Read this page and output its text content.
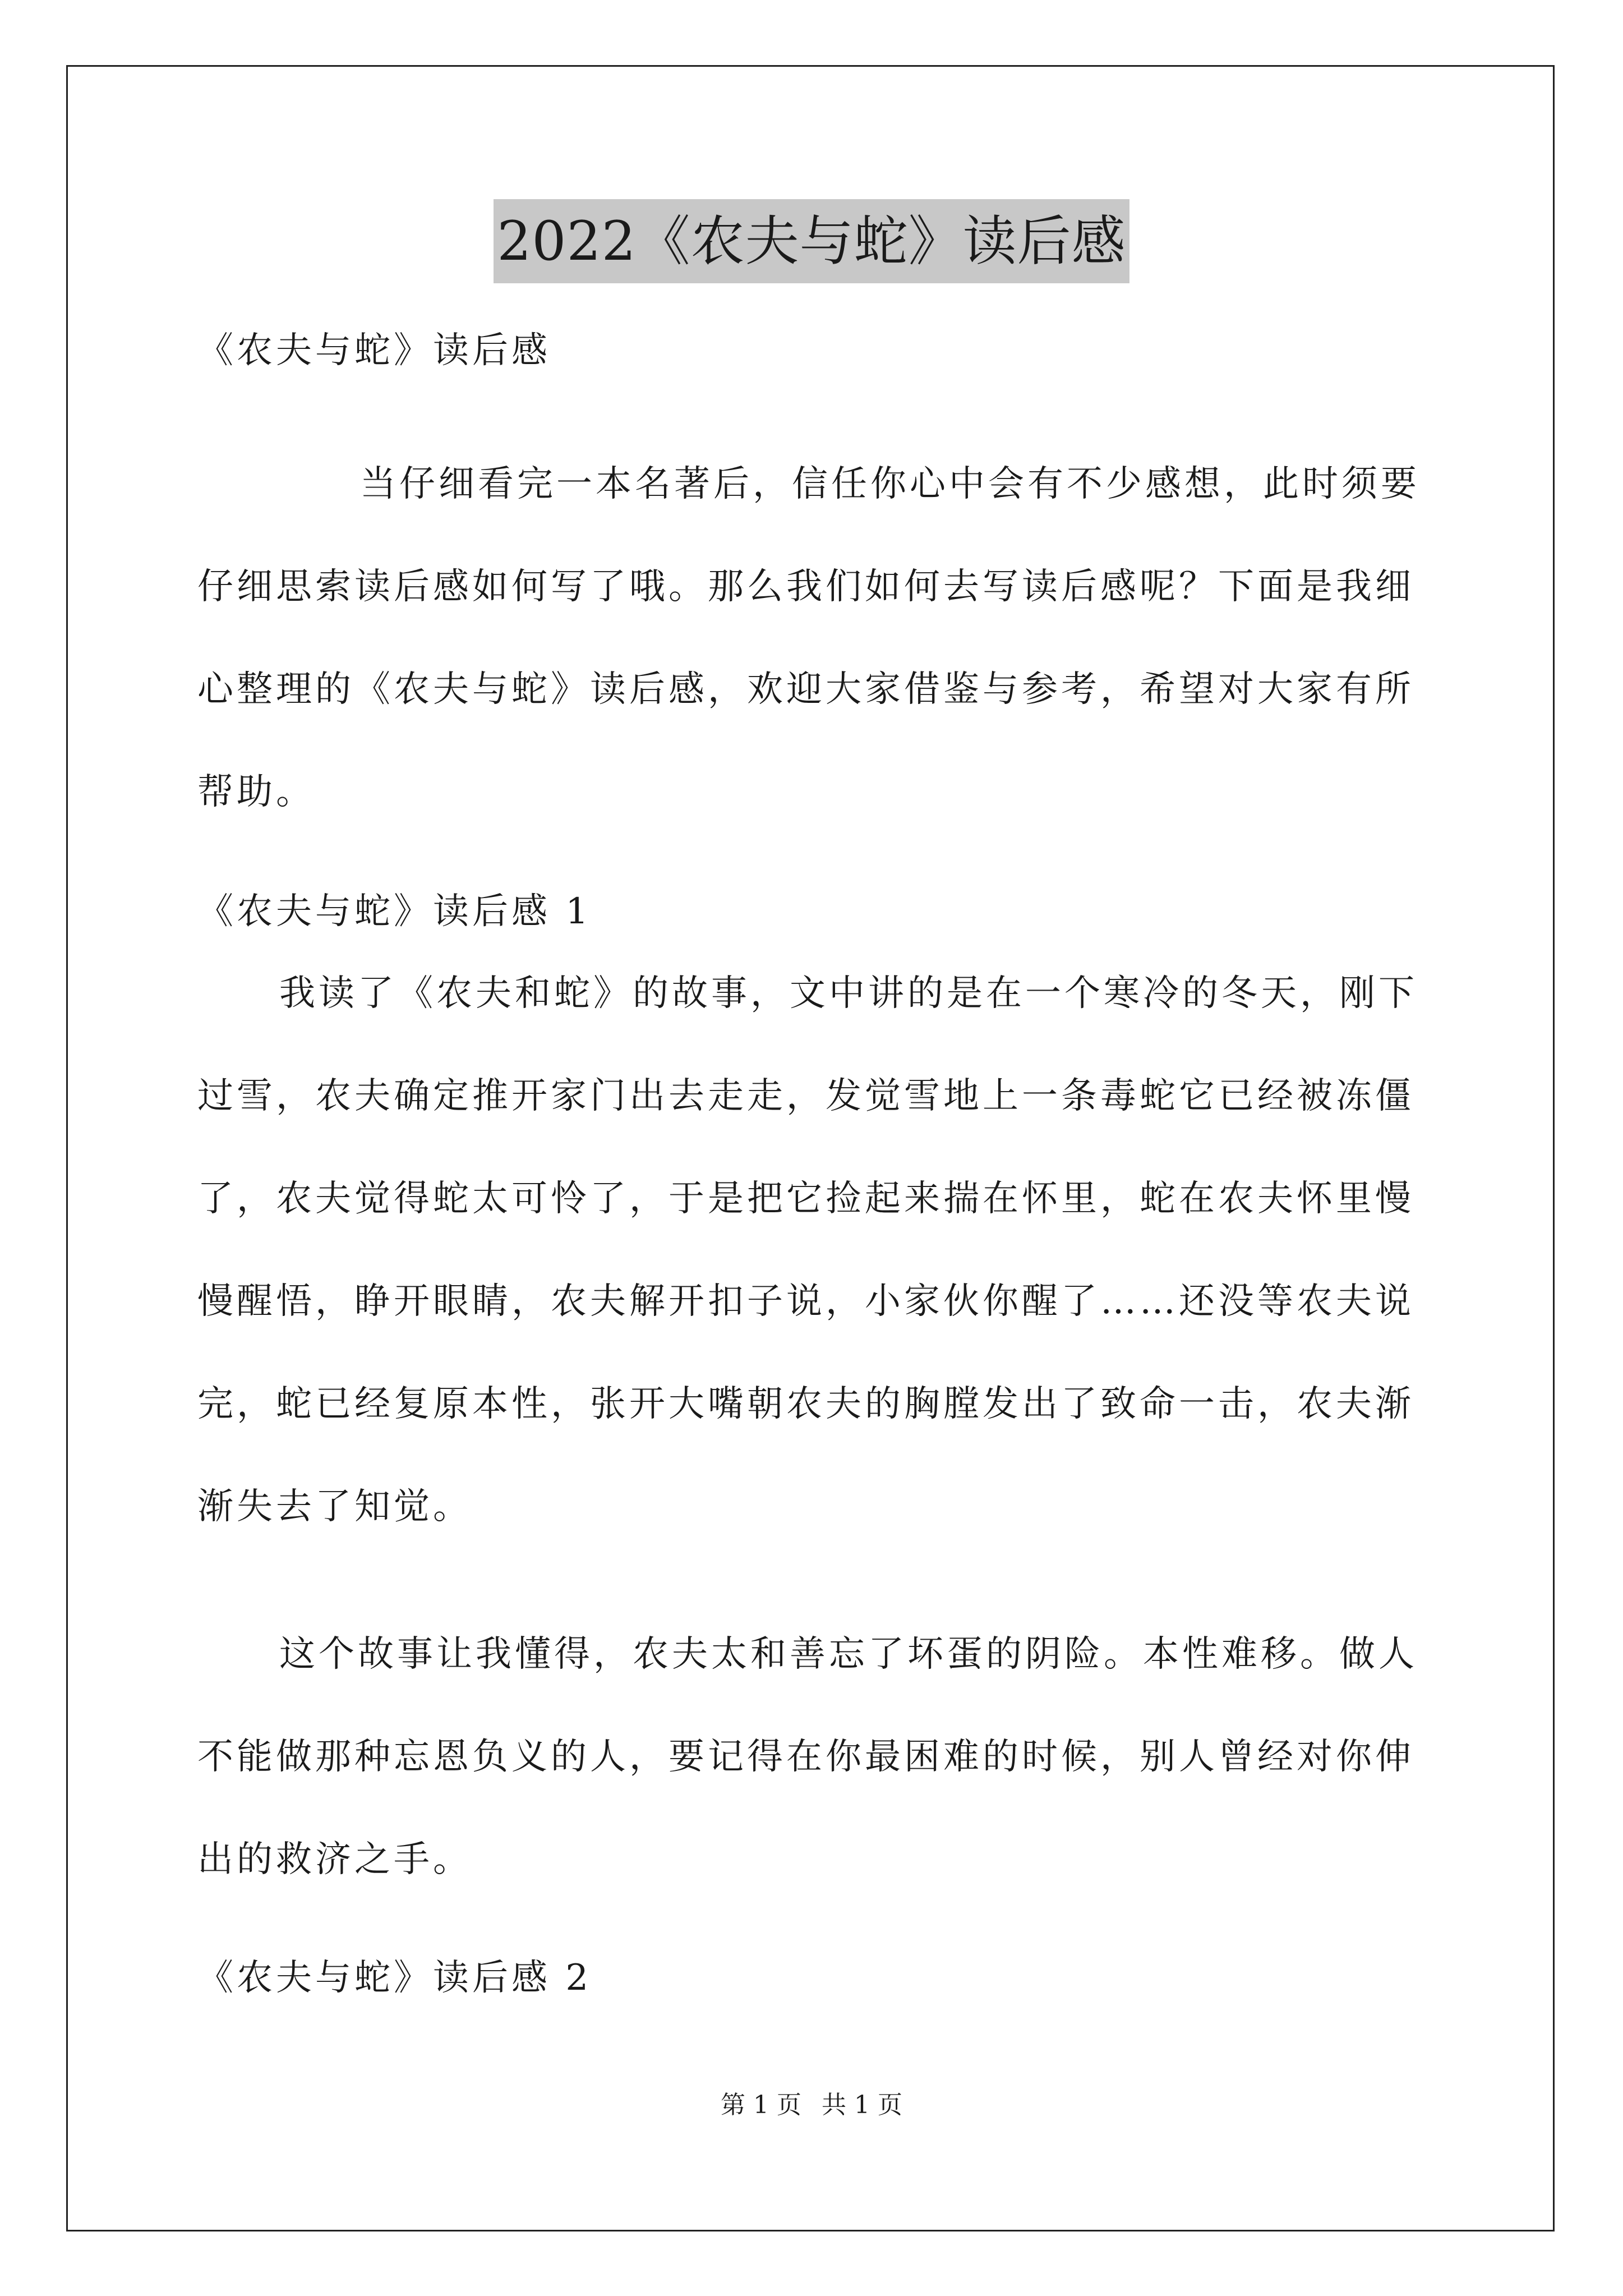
2022《农夫与蛇》读后感

《农夫与蛇》读后感

当仔细看完一本名著后，信任你心中会有不少感想，此时须要仔细思索读后感如何写了哦。那么我们如何去写读后感呢？下面是我细心整理的《农夫与蛇》读后感，欢迎大家借鉴与参考，希望对大家有所帮助。

《农夫与蛇》读后感 1

我读了《农夫和蛇》的故事，文中讲的是在一个寒冷的冬天，刚下过雪，农夫确定推开家门出去走走，发觉雪地上一条毒蛇它已经被冻僵了，农夫觉得蛇太可怜了，于是把它捡起来揣在怀里，蛇在农夫怀里慢慢醒悟，睁开眼睛，农夫解开扣子说，小家伙你醒了……还没等农夫说完，蛇已经复原本性，张开大嘴朝农夫的胸膛发出了致命一击，农夫渐渐失去了知觉。

这个故事让我懂得，农夫太和善忘了坏蛋的阴险。本性难移。做人不能做那种忘恩负义的人，要记得在你最困难的时候，别人曾经对你伸出的救济之手。

《农夫与蛇》读后感 2

第 1 页 共 1 页
